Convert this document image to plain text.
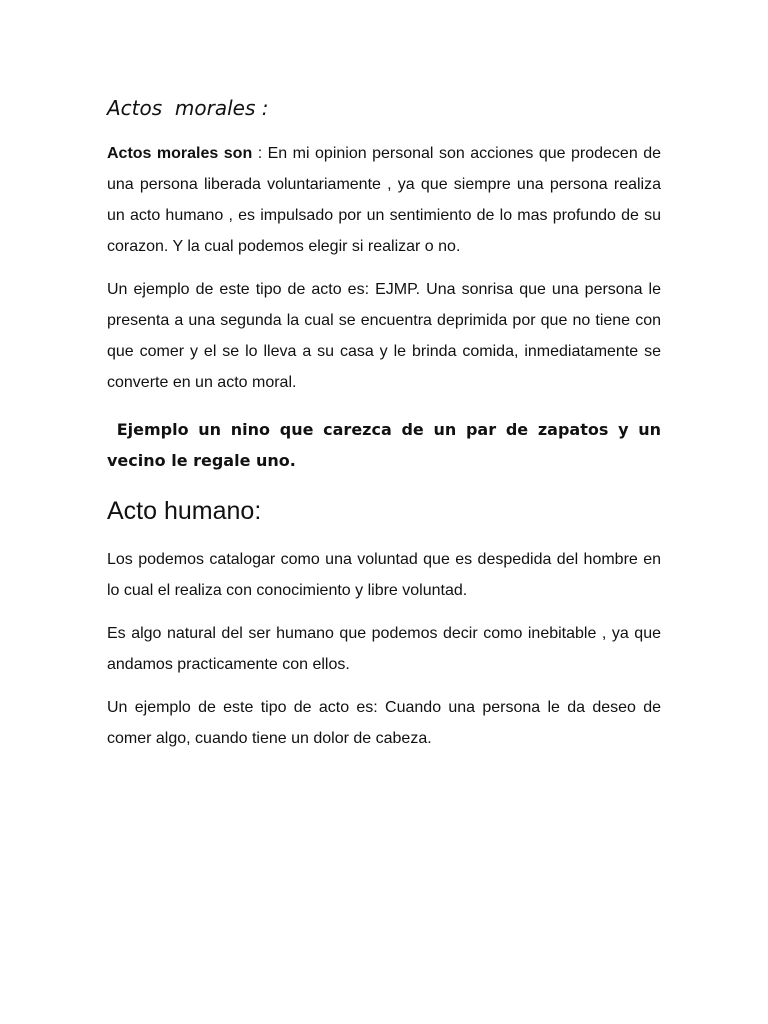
Actos  morales :

Actos morales son : En mi opinion personal son acciones que prodecen de una persona liberada voluntariamente , ya que siempre una persona realiza un acto humano , es impulsado por un sentimiento de lo mas profundo de su corazon. Y la cual podemos elegir si realizar o no.

Un ejemplo de este tipo de acto es: EJMP. Una sonrisa que una persona le presenta a una segunda la cual se encuentra deprimida por que no tiene con que comer y el se lo lleva a su casa y le brinda comida, inmediatamente se converte en un acto moral.

Ejemplo un nino que carezca de un par de zapatos y un vecino le regale uno.

Acto humano:

Los podemos catalogar como una voluntad que es despedida del hombre en lo cual el realiza con conocimiento y libre voluntad.

Es algo natural del ser humano que podemos decir como inebitable , ya que andamos practicamente con ellos.

Un ejemplo de este tipo de acto es: Cuando una persona le da deseo de comer algo, cuando tiene un dolor de cabeza.
